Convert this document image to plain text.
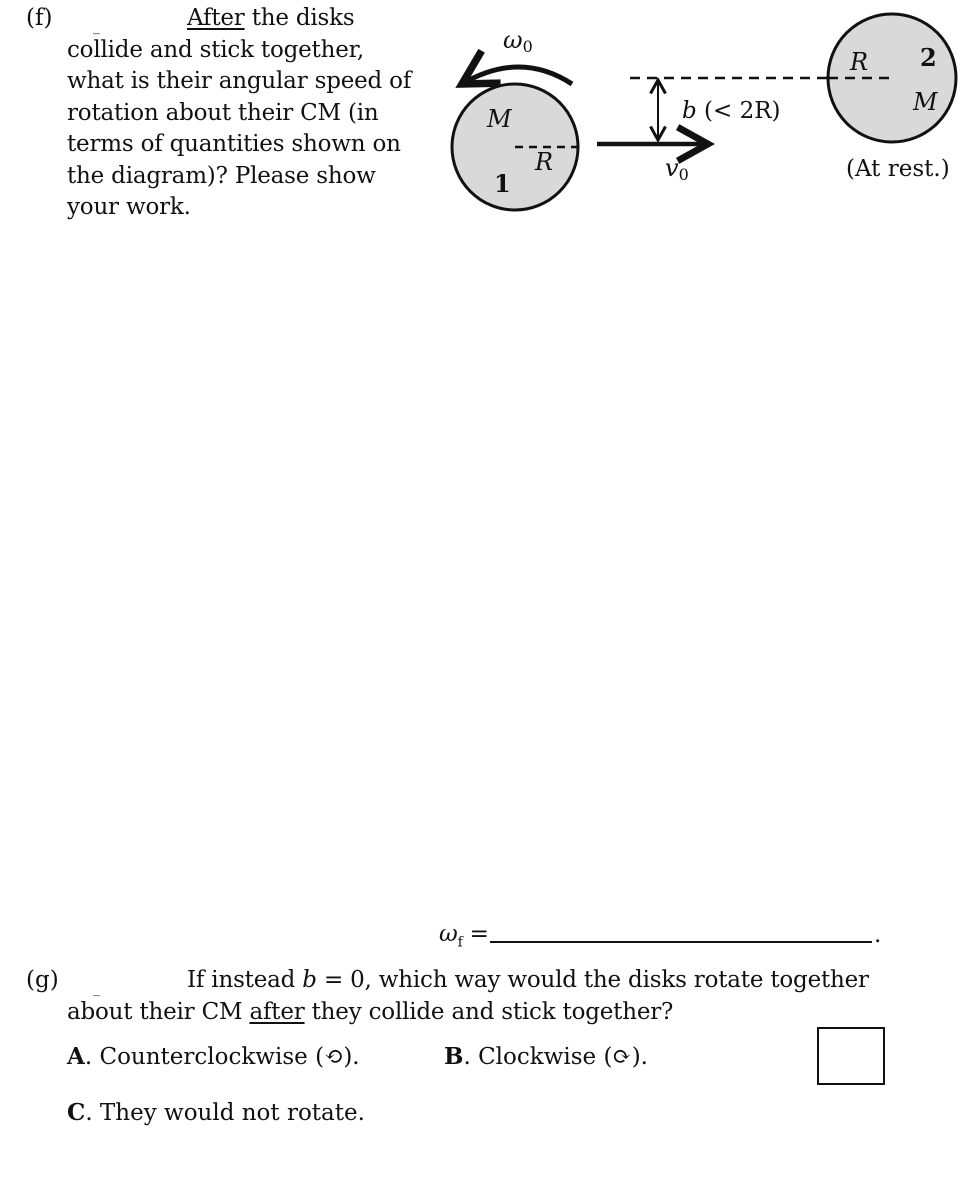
(f)	_	After the disks
collide and stick together,
what is their angular speed of
rotation about their CM (in
terms of quantities shown on
the diagram)? Please show
your work.
M
R
1
ω0
v0
b (< 2R)
R 2
M
(At rest.)
$\omega_f$ =	.
(g) _	If instead b = 0, which way would the disks rotate together
about their CM after they collide and stick together?
A. Counterclockwise (⟲).	B. Clockwise (⟳).
C. They would not rotate.
